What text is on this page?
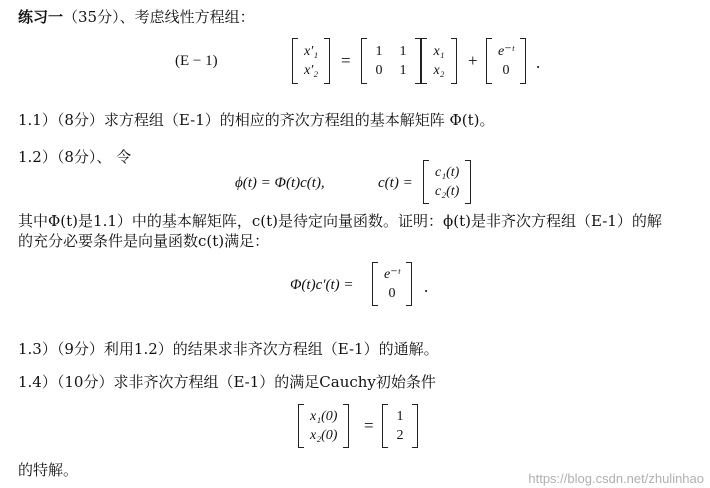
练习一（35分）、考虑线性方程组：
(E − 1)
x′₁
x′₂
= 1 1
0 1
x₁
x₂
+ e⁻ᵗ
0 .
1.1）（8分）求方程组（E-1）的相应的齐次方程组的基本解矩阵 Φ(t)。
1.2）（8分）、 令
ϕ(t) = Φ(t)c(t),	c(t) =
c₁(t)
c₂(t)
其中Φ(t)是1.1）中的基本解矩阵，c(t)是待定向量函数。证明：ϕ(t)是非齐次方程组（E-1）的解
的充分必要条件是向量函数c(t)满足：
Φ(t)c′(t) =
e⁻ᵗ
0 .
1.3）（9分）利用1.2）的结果求非齐次方程组（E-1）的通解。
1.4）（10分）求非齐次方程组（E-1）的满足Cauchy初始条件
x₁(0)
x₂(0)
= 1
2
的特解。	https://blog.csdn.net/zhulinhao
